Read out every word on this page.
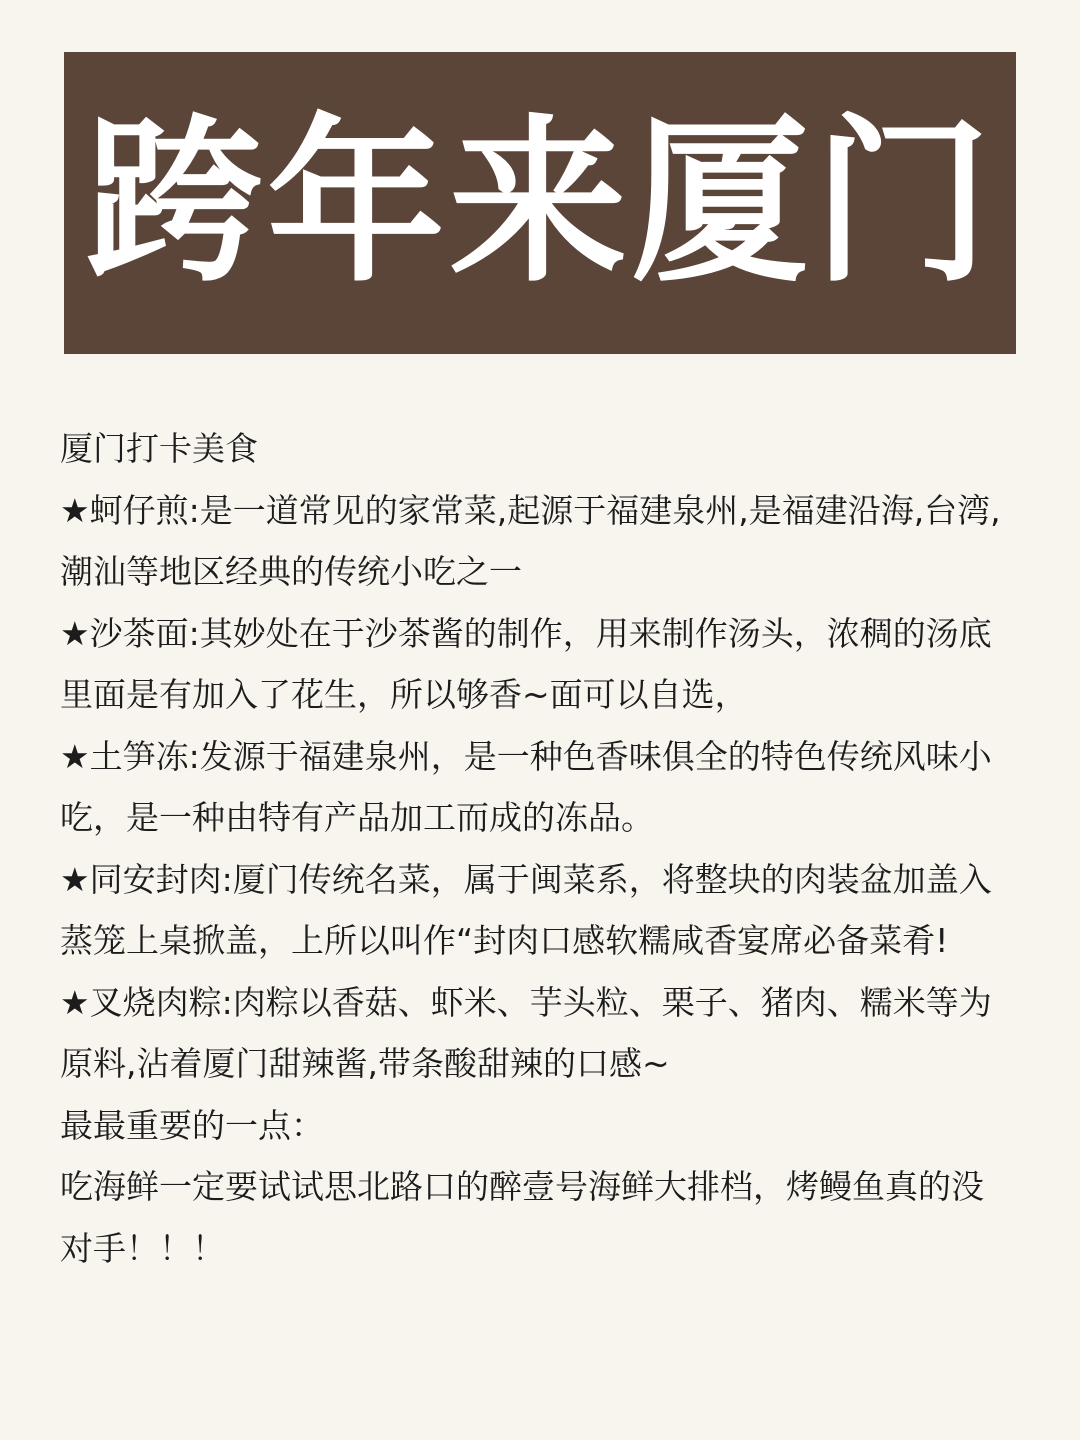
跨年来厦门

厦门打卡美食

★蚵仔煎:是一道常见的家常菜,起源于福建泉州,是福建沿海,台湾,潮汕等地区经典的传统小吃之一

★沙茶面:其妙处在于沙茶酱的制作，用来制作汤头，浓稠的汤底里面是有加入了花生，所以够香~面可以自选，

★土笋冻:发源于福建泉州，是一种色香味俱全的特色传统风味小吃，是一种由特有产品加工而成的冻品。

★同安封肉:厦门传统名菜，属于闽菜系，将整块的肉装盆加盖入蒸笼上桌掀盖，上所以叫作“封肉口感软糯咸香宴席必备菜肴!

★叉烧肉粽:肉粽以香菇、虾米、芋头粒、栗子、猪肉、糯米等为原料,沾着厦门甜辣酱,带条酸甜辣的口感~

最最重要的一点：

吃海鲜一定要试试思北路口的醉壹号海鲜大排档，烤鳗鱼真的没对手！！！
